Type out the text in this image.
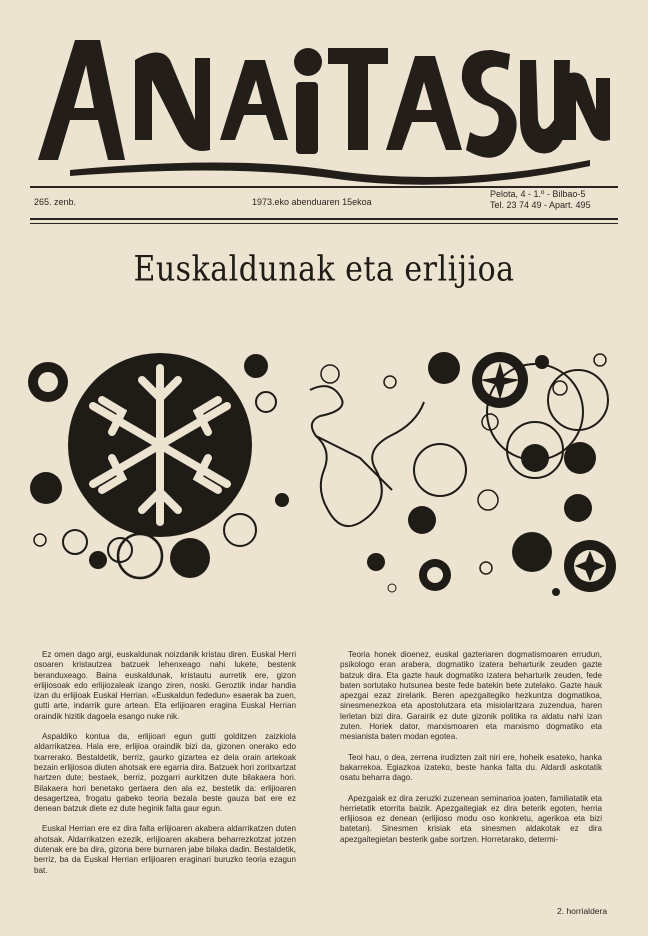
265. zenb.	1973.eko abenduaren 15ekoa
Pelota, 4 - 1.º - Bilbao-5
Tel. 23 74 49 - Apart. 495
Euskaldunak eta erlijioa

Ez omen dago argi, euskaldunak noizdanik kristau diren. Euskal Herri osoaren kristautzea batzuek lehenxeago nahi lukete, bestenk beranduxeago. Baina euskaldunak, kristautu aurretik ere, gizon erlijiosoak edo erlijiozaleak izango ziren, noski. Geroztik indar handia izan du erlijioak Euskal Herrian. «Euskaldun fededun» esaerak ba zuen, gutti arte, indarrik gure artean. Eta erlijioaren eragina Euskal Herrian oraindik hizitik dagoela esango nuke nik.

Aspaldiko kontua da, erlijioari egun gutti golditzen zaizkiola aldarrikatzea. Hala ere, erlijioa oraindik bizi da, gizonen onerako edo txarrerako. Bestaldetik, berriz, gaurko gizartea ez dela orain artekoak bezain erlijiosoa diuten ahotsak ere egarria dira. Batzuek hori zoritxartzat hartzen dute; bestaek, berriz, pozgarri aurkitzen dute bilakaera hori. Bilakaera hori benetako gertaera den ala ez, bestetik da: erlijioaren desagertzea, frogatu gabeko teoria bezala beste gauza bat ere ez denean batzuk diete ez dute heginik falta gaur egun.

Euskal Herrian ere ez dira falta erlijioaren akabera aldarrikatzen duten ahotsak. Aldarrikatzen ezezik, erlijioaren akabera beharrezkotzat jotzen dutenak ere ba dira, gizona bere burnaren jabe bilaka dadin. Bestaldetik, berriz, ba da Euskal Herrian erlijioaren eraginari buruzko teoria ezagun bat.

Teoria honek dioenez, euskal gazteriaren dogmatismoaren errudun, psikologo eran arabera, dogmatiko izatera beharturik zeuden gazte batzuk dira. Eta gazte hauk dogmatiko izatera beharturik zeuden, fede baten sortutako hutsunea beste fede batekin bete zutelako. Gazte hauk apezgai ezaz zirelarik. Beren apezgaitegiko hezkuntza dogmatikoa, sinesmenezkoa eta apostolutzara eta misiolaritzara zuzendua, haren lerletan bizi dira. Garairik ez dute gizonik politika ra aldatu nahi izan zuten. Horiek dator, marxismoaren eta marxismo dogmatiko eta mesianista baten modan egotea.

Teoi hau, o dea, zerrena irudizten zait niri ere, hoheik esateko, hanka bakarrekoa. Egiazkoa izateko, beste hanka falta du. Aldardi askotatik osatu beharra dago.

Apezgaiak ez dira zeruzki zuzenean seminarioa joaten, familiatatik eta herrietatik etorrita baizik. Apezgaitegiak ez dira beterik egoten, herria erlijiosoa ez denean (erlijioso modu oso konkretu, agerikoa eta bizi batetan). Sinesmen krisiak eta sinesmen aldakotak ez dira apezgaitegietan besterik gabe sortzen. Horretarako, determi-

2. horrialdera
